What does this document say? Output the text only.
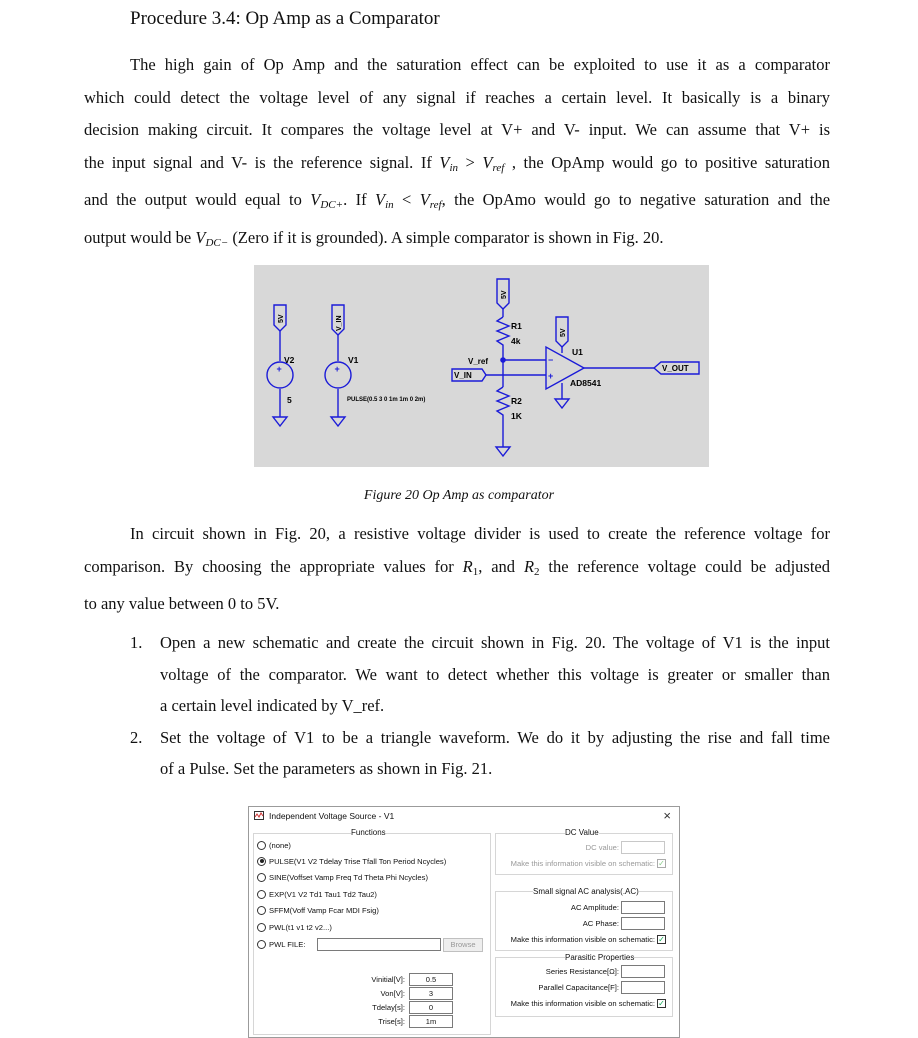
Procedure 3.4: Op Amp as a Comparator
The high gain of Op Amp and the saturation effect can be exploited to use it as a comparator
which could detect the voltage level of any signal if reaches a certain level. It basically is a binary
decision making circuit. It compares the voltage level at V+ and V- input. We can assume that V+ is
the input signal and V- is the reference signal. If $V_{in} > V_{ref}$ , the OpAmp would go to positive saturation
and the output would equal to $V_{DC+}$. If $V_{in} < V_{ref}$, the OpAmo would go to negative saturation and the
output would be $V_{DC-}$ (Zero if it is grounded). A simple comparator is shown in Fig. 20.
V2
5
V1
PULSE(0.5 3 0 1m 1m 0 2m)
R1
4k
R2
1K
V_ref
V_IN
U1
AD8541
V_OUT
5V	V_IN
5V
5V
+	+
−
+
Figure 20 Op Amp as comparator
In circuit shown in Fig. 20, a resistive voltage divider is used to create the reference voltage for
comparison. By choosing the appropriate values for $R_1$, and $R_2$ the reference voltage could be adjusted
to any value between 0 to 5V.
1. Open a new schematic and create the circuit shown in Fig. 20. The voltage of V1 is the input
voltage of the comparator. We want to detect whether this voltage is greater or smaller than
a certain level indicated by V_ref.
2. Set the voltage of V1 to be a triangle waveform. We do it by adjusting the rise and fall time
of a Pulse. Set the parameters as shown in Fig. 21.
Independent Voltage Source - V1	×
Functions
(none)
PULSE(V1 V2 Tdelay Trise Tfall Ton Period Ncycles)
SINE(Voffset Vamp Freq Td Theta Phi Ncycles)
EXP(V1 V2 Td1 Tau1 Td2 Tau2)
SFFM(Voff Vamp Fcar MDI Fsig)
PWL(t1 v1 t2 v2...)
PWL FILE:	Browse
Vinitial[V]:	0.5
Von[V]:	3
Tdelay[s]:	0
Trise[s]:	1m
DC Value
DC value:
Make this information visible on schematic: ✓
Small signal AC analysis(.AC)
AC Amplitude:
AC Phase:
Make this information visible on schematic: ✓
Parasitic Properties
Series Resistance[Ω]:
Parallel Capacitance[F]:
Make this information visible on schematic: ✓
